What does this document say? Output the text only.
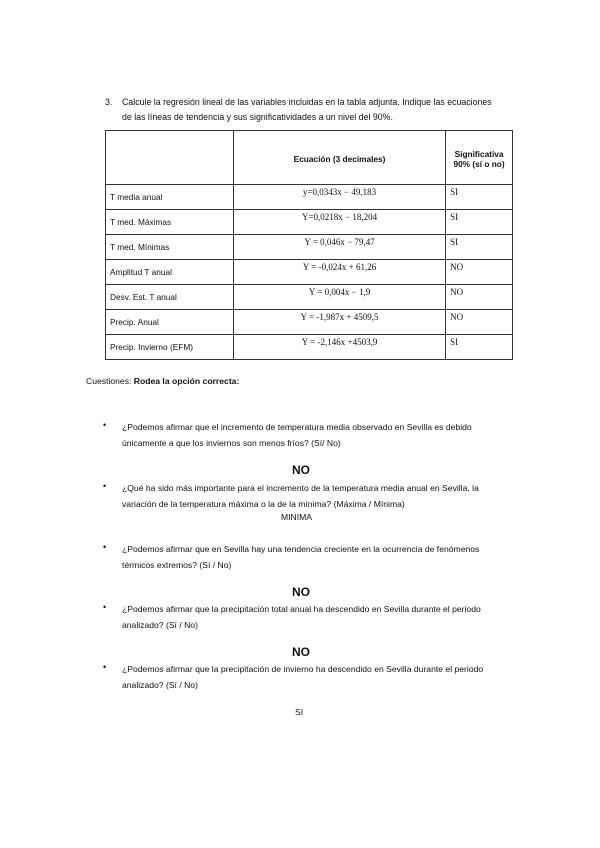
3. Calcule la regresión lineal de las variables incluidas en la tabla adjunta. Indique las ecuaciones de las líneas de tendencia y sus significatividades a un nivel del 90%.
	Ecuación (3 decimales)	Significativa 90% (sí o no)
T media anual	y=0,0343x − 49,183	SI
T med. Máximas	Y=0,0218x − 18,204	SI
T med. Mínimas	Y = 0,046x − 79,47	SI
Amplitud T anual	Y = -0,024x + 61,26	NO
Desv. Est. T anual	Y = 0,004x − 1,9	NO
Precip. Anual	Y = -1,987x + 4509,5	NO
Precip. Invierno (EFM)	Y = -2,146x +4503,9	SI
Cuestiones: Rodea la opción correcta:
• ¿Podemos afirmar que el incremento de temperatura media observado en Sevilla es debido únicamente a que los inviernos son menos fríos? (Sí/ No)
NO
• ¿Qué ha sido más importante para el incremento de la temperatura media anual en Sevilla, la variación de la temperatura máxima o la de la mínima? (Máxima / Mínima)
MINIMA
• ¿Podemos afirmar que en Sevilla hay una tendencia creciente en la ocurrencia de fenómenos térmicos extremos? (Sí / No)
NO
• ¿Podemos afirmar que la precipitación total anual ha descendido en Sevilla durante el periodo analizado? (Sí / No)
NO
• ¿Podemos afirmar que la precipitación de invierno ha descendido en Sevilla durante el periodo analizado? (Sí / No)
SI
